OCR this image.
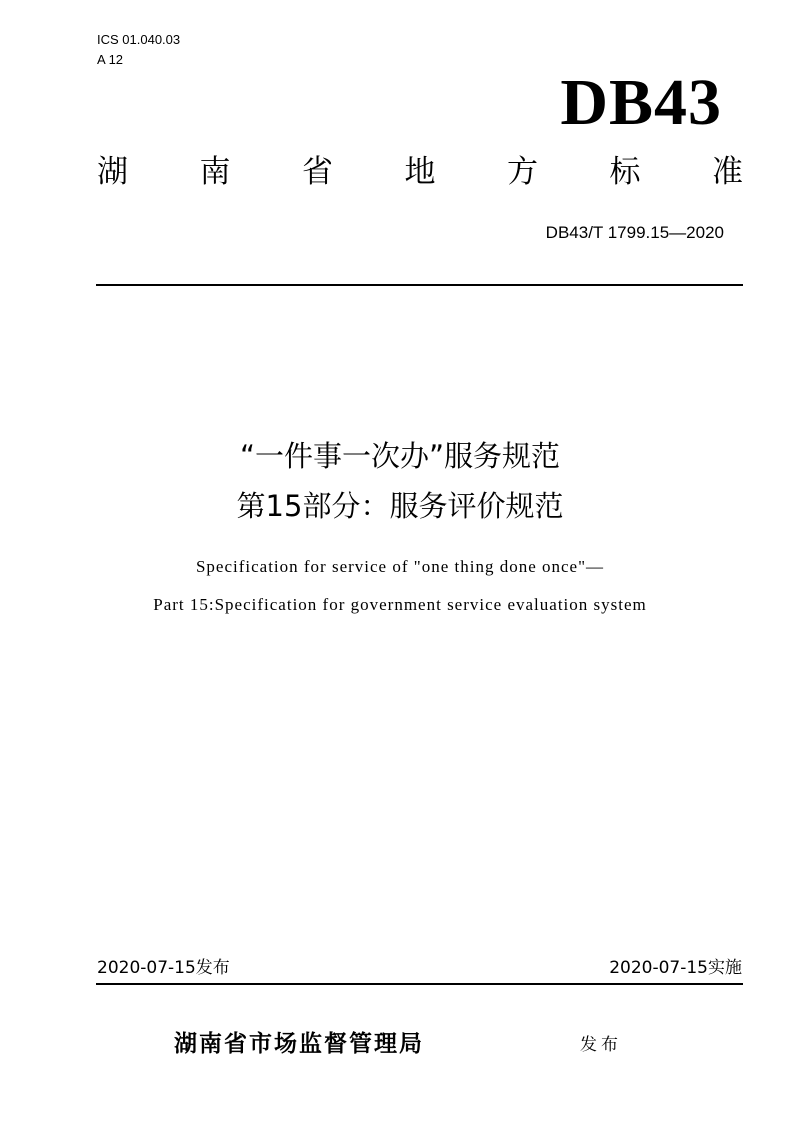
ICS 01.040.03
A 12
DB43
湖 南 省 地 方 标 准
DB43/T 1799.15—2020
“一件事一次办”服务规范
第15部分：服务评价规范
Specification for service of "one thing done once"—
Part 15:Specification for government service evaluation system
2020-07-15发布	2020-07-15实施
湖南省市场监督管理局	发布
